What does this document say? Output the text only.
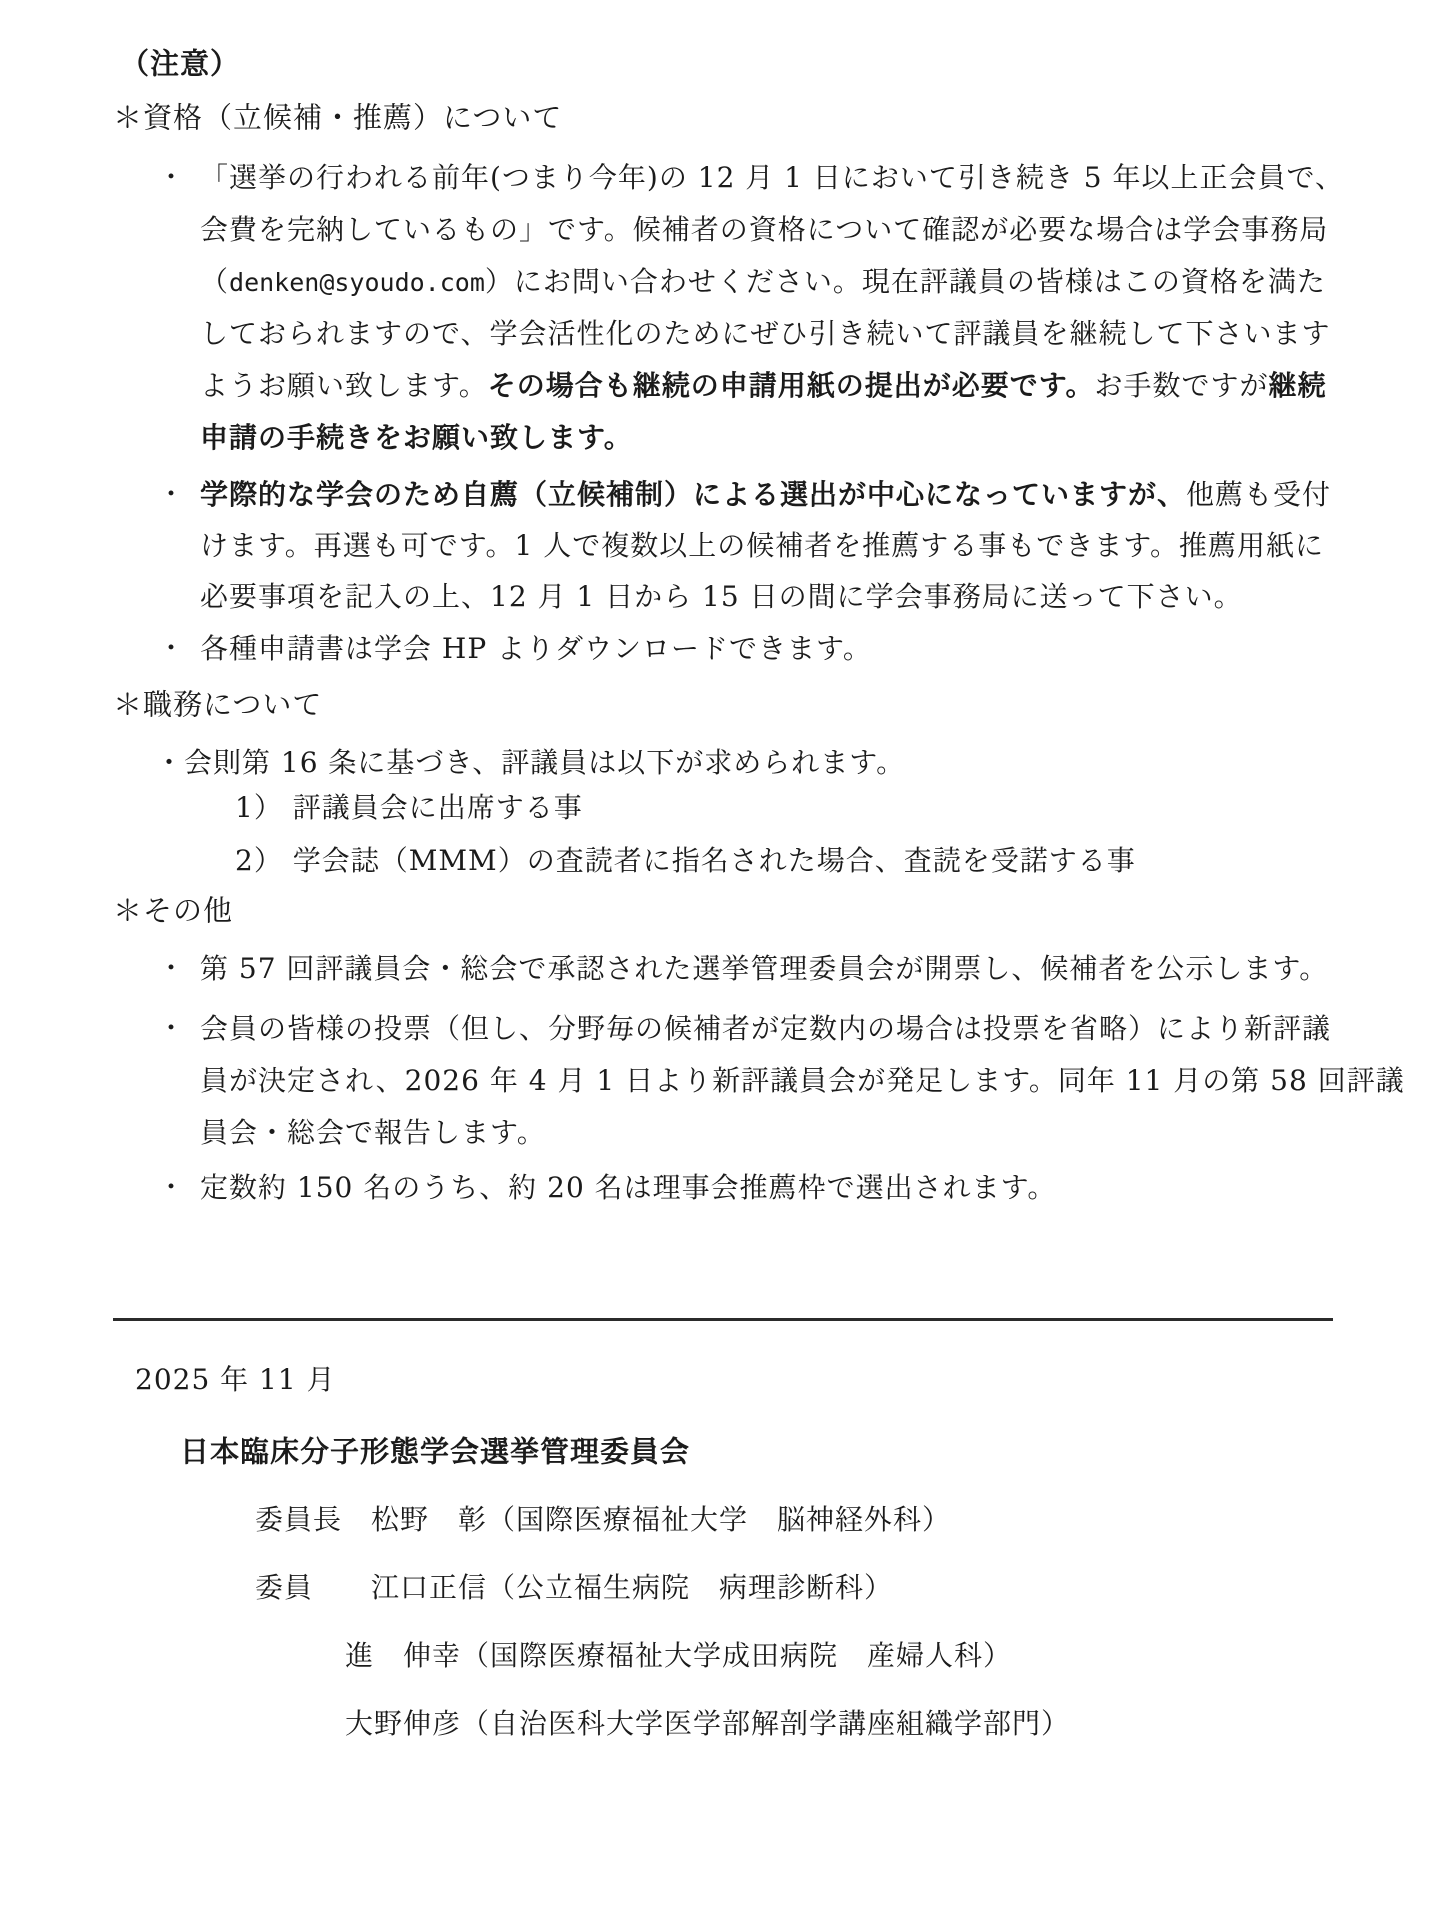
（注意）
＊資格（立候補・推薦）について
• 「選挙の行われる前年(つまり今年)の 12 月 1 日において引き続き 5 年以上正会員で、
会費を完納しているもの」です。候補者の資格について確認が必要な場合は学会事務局
（denken@syoudo.com）にお問い合わせください。現在評議員の皆様はこの資格を満た
しておられますので、学会活性化のためにぜひ引き続いて評議員を継続して下さいます
ようお願い致します。その場合も継続の申請用紙の提出が必要です。お手数ですが継続
申請の手続きをお願い致します。
• 学際的な学会のため自薦（立候補制）による選出が中心になっていますが、他薦も受付
けます。再選も可です。1 人で複数以上の候補者を推薦する事もできます。推薦用紙に
必要事項を記入の上、12 月 1 日から 15 日の間に学会事務局に送って下さい。
• 各種申請書は学会 HP よりダウンロードできます。
＊職務について
・会則第 16 条に基づき、評議員は以下が求められます。
1） 評議員会に出席する事
2） 学会誌（MMM）の査読者に指名された場合、査読を受諾する事
＊その他
• 第 57 回評議員会・総会で承認された選挙管理委員会が開票し、候補者を公示します。
• 会員の皆様の投票（但し、分野毎の候補者が定数内の場合は投票を省略）により新評議
員が決定され、2026 年 4 月 1 日より新評議員会が発足します。同年 11 月の第 58 回評議
員会・総会で報告します。
• 定数約 150 名のうち、約 20 名は理事会推薦枠で選出されます。
2025 年 11 月
日本臨床分子形態学会選挙管理委員会
委員長　松野　彰（国際医療福祉大学　脳神経外科）
委員　　江口正信（公立福生病院　病理診断科）
進　伸幸（国際医療福祉大学成田病院　産婦人科）
大野伸彦（自治医科大学医学部解剖学講座組織学部門）
